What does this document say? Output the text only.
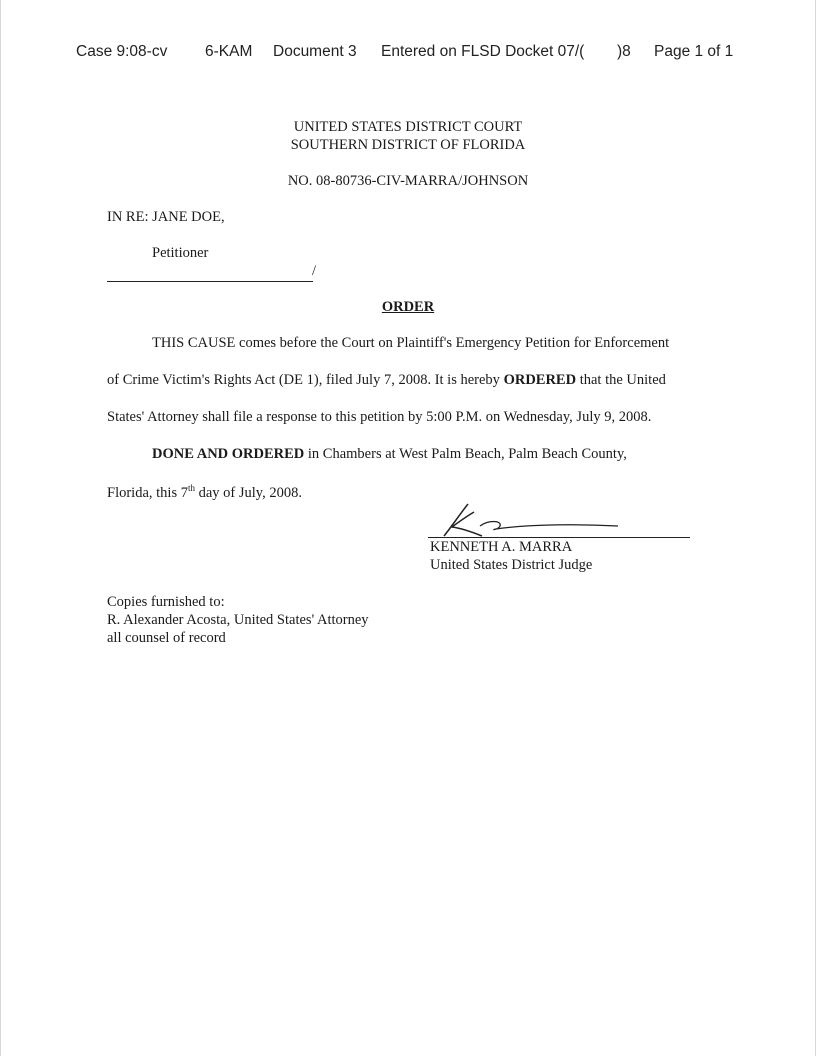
Case 9:08-cv 6-KAM Document 3 Entered on FLSD Docket 07/( )8 Page 1 of 1
UNITED STATES DISTRICT COURT
SOUTHERN DISTRICT OF FLORIDA
NO. 08-80736-CIV-MARRA/JOHNSON
IN RE: JANE DOE,
Petitioner
/
ORDER
THIS CAUSE comes before the Court on Plaintiff's Emergency Petition for Enforcement
of Crime Victim's Rights Act (DE 1), filed July 7, 2008. It is hereby ORDERED that the United
States' Attorney shall file a response to this petition by 5:00 P.M. on Wednesday, July 9, 2008.
DONE AND ORDERED in Chambers at West Palm Beach, Palm Beach County,
Florida, this 7th day of July, 2008.
KENNETH A. MARRA
United States District Judge
Copies furnished to:
R. Alexander Acosta, United States' Attorney
all counsel of record
